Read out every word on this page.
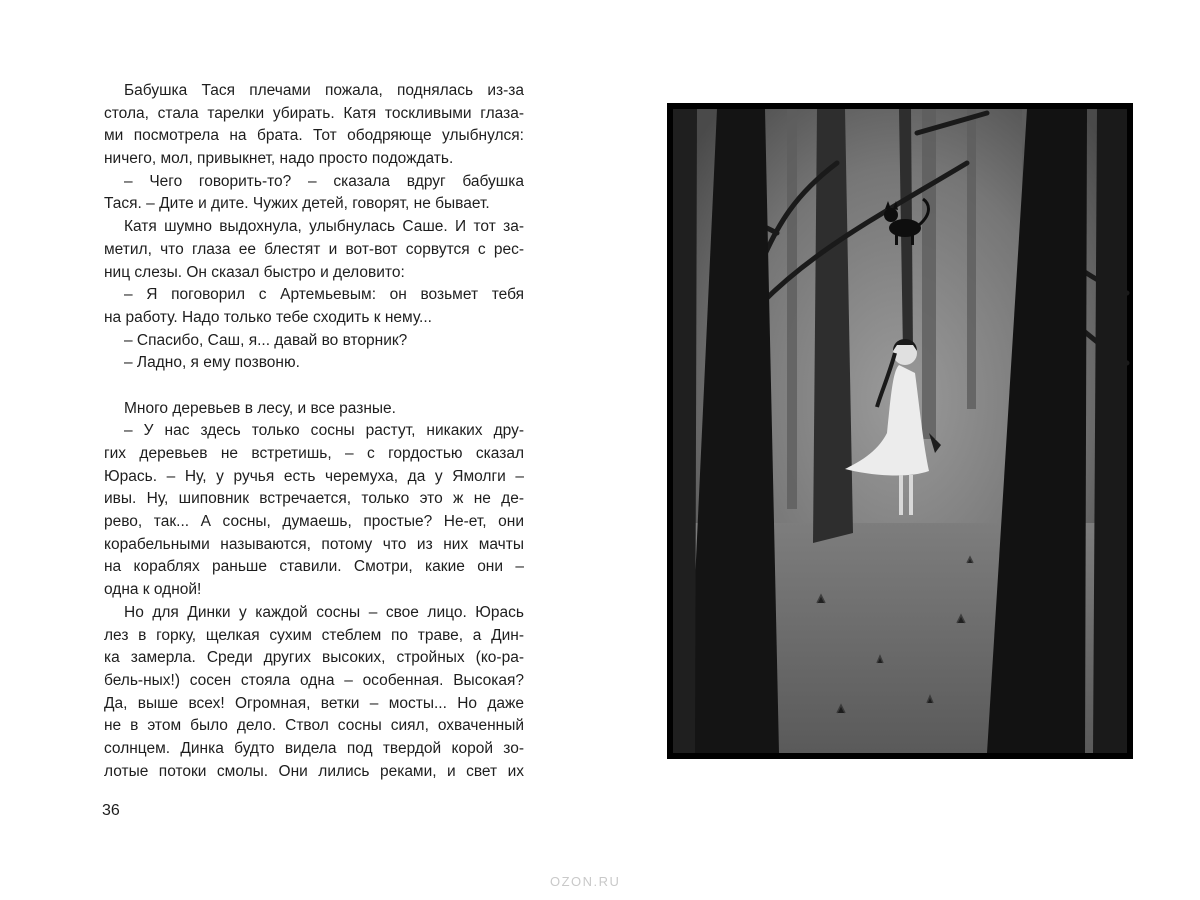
Бабушка Тася плечами пожала, поднялась из-за
стола, стала тарелки убирать. Катя тоскливыми глаза-
ми посмотрела на брата. Тот ободряюще улыбнулся:
ничего, мол, привыкнет, надо просто подождать.
– Чего говорить-то? – сказала вдруг бабушка
Тася. – Дите и дите. Чужих детей, говорят, не бывает.
Катя шумно выдохнула, улыбнулась Саше. И тот за-
метил, что глаза ее блестят и вот-вот сорвутся с рес-
ниц слезы. Он сказал быстро и деловито:
– Я поговорил с Артемьевым: он возьмет тебя
на работу. Надо только тебе сходить к нему...
– Спасибо, Саш, я... давай во вторник?
– Ладно, я ему позвоню.
Много деревьев в лесу, и все разные.
– У нас здесь только сосны растут, никаких дру-
гих деревьев не встретишь, – с гордостью сказал
Юрась. – Ну, у ручья есть черемуха, да у Ямолги –
ивы. Ну, шиповник встречается, только это ж не де-
рево, так... А сосны, думаешь, простые? Не-ет, они
корабельными называются, потому что из них мачты
на кораблях раньше ставили. Смотри, какие они –
одна к одной!
Но для Динки у каждой сосны – свое лицо. Юрась
лез в горку, щелкая сухим стеблем по траве, а Дин-
ка замерла. Среди других высоких, стройных (ко-ра-
бель-ных!) сосен стояла одна – особенная. Высокая?
Да, выше всех! Огромная, ветки – мосты... Но даже
не в этом было дело. Ствол сосны сиял, охваченный
солнцем. Динка будто видела под твердой корой зо-
лотые потоки смолы. Они лились реками, и свет их
36
OZON.RU
